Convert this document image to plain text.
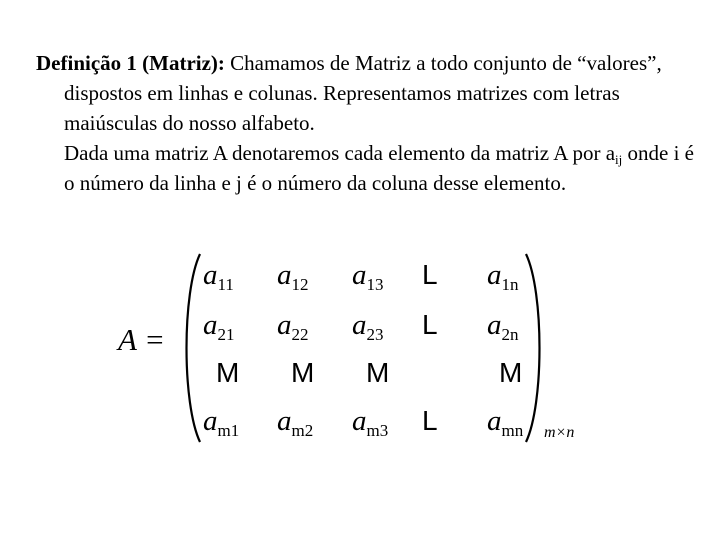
Definição 1 (Matriz): Chamamos de Matriz a todo conjunto de “valores”, dispostos em linhas e colunas. Representamos matrizes com letras maiúsculas do nosso alfabeto.

Dada uma matriz A denotaremos cada elemento da matriz A por $a_{ij}$ onde i é o número da linha e j é o número da coluna desse elemento.

A =
$a_{11}$ $a_{12}$ $a_{13}$ L $a_{1n}$
$a_{21}$ $a_{22}$ $a_{23}$ L $a_{2n}$
M M M	M
$a_{m1}$ $a_{m2}$ $a_{m3}$ L $a_{mn}$ m×n
